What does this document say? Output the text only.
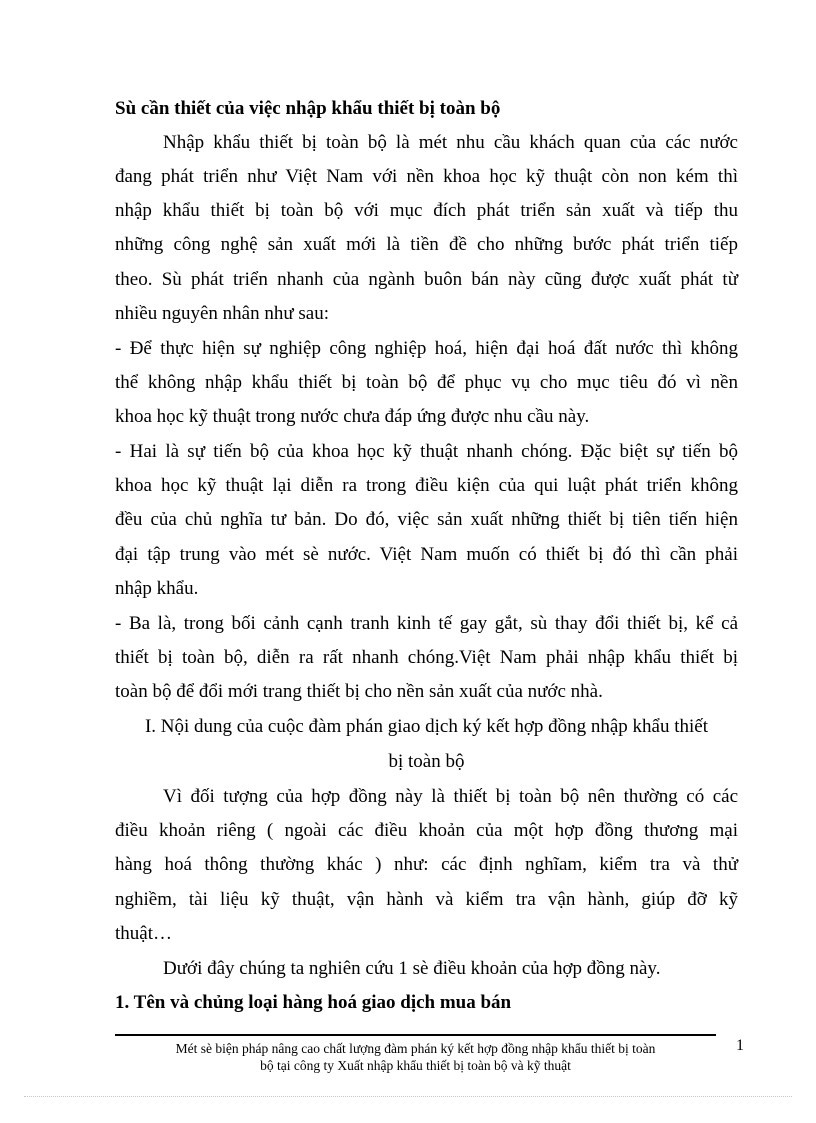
Sù cần thiết của việc nhập khẩu thiết bị toàn bộ
Nhập khẩu thiết bị toàn bộ là mét nhu cầu khách quan của các nước
đang phát triển như Việt Nam với nền khoa học kỹ thuật còn non kém thì
nhập khẩu thiết bị toàn bộ với mục đích phát triển sản xuất và tiếp thu
những công nghệ sản xuất mới là tiền đề cho những bước phát triển tiếp
theo. Sù phát triển nhanh của ngành buôn bán này cũng được xuất phát từ
nhiều nguyên nhân như sau:
- Để thực hiện sự nghiệp công nghiệp hoá, hiện đại hoá đất nước thì không
thể không nhập khẩu thiết bị toàn bộ để phục vụ cho mục tiêu đó vì nền
khoa học kỹ thuật trong nước chưa đáp ứng được nhu cầu này.
- Hai là sự tiến bộ của khoa học kỹ thuật nhanh chóng. Đặc biệt sự tiến bộ
khoa học kỹ thuật lại diễn ra trong điều kiện của qui luật phát triển không
đều của chủ nghĩa tư bản. Do đó, việc sản xuất những thiết bị tiên tiến hiện
đại tập trung vào mét sè nước. Việt Nam muốn có thiết bị đó thì cần phải
nhập khẩu.
- Ba là, trong bối cảnh cạnh tranh kinh tế gay gắt, sù thay đổi thiết bị, kể cả
thiết bị toàn bộ, diễn ra rất nhanh chóng.Việt Nam phải nhập khẩu thiết bị
toàn bộ để đổi mới trang thiết bị cho nền sản xuất của nước nhà.
I. Nội dung của cuộc đàm phán giao dịch ký kết hợp đồng nhập khẩu thiết
bị toàn bộ
Vì đối tượng của hợp đồng này là thiết bị toàn bộ nên thường có các
điều khoản riêng ( ngoài các điều khoản của một hợp đồng thương mại
hàng hoá thông thường khác ) như: các định nghĩam, kiểm tra và thử
nghiềm, tài liệu kỹ thuật, vận hành và kiểm tra vận hành, giúp đỡ kỹ
thuật…
Dưới đây chúng ta nghiên cứu 1 sè điều khoản của hợp đồng này.
1. Tên và chủng loại hàng hoá giao dịch mua bán
Mét sè biện pháp nâng cao chất lượng đàm phán ký kết hợp đồng nhập khẩu thiết bị toàn
bộ tại công ty Xuất nhập khẩu thiết bị toàn bộ và kỹ thuật
1
